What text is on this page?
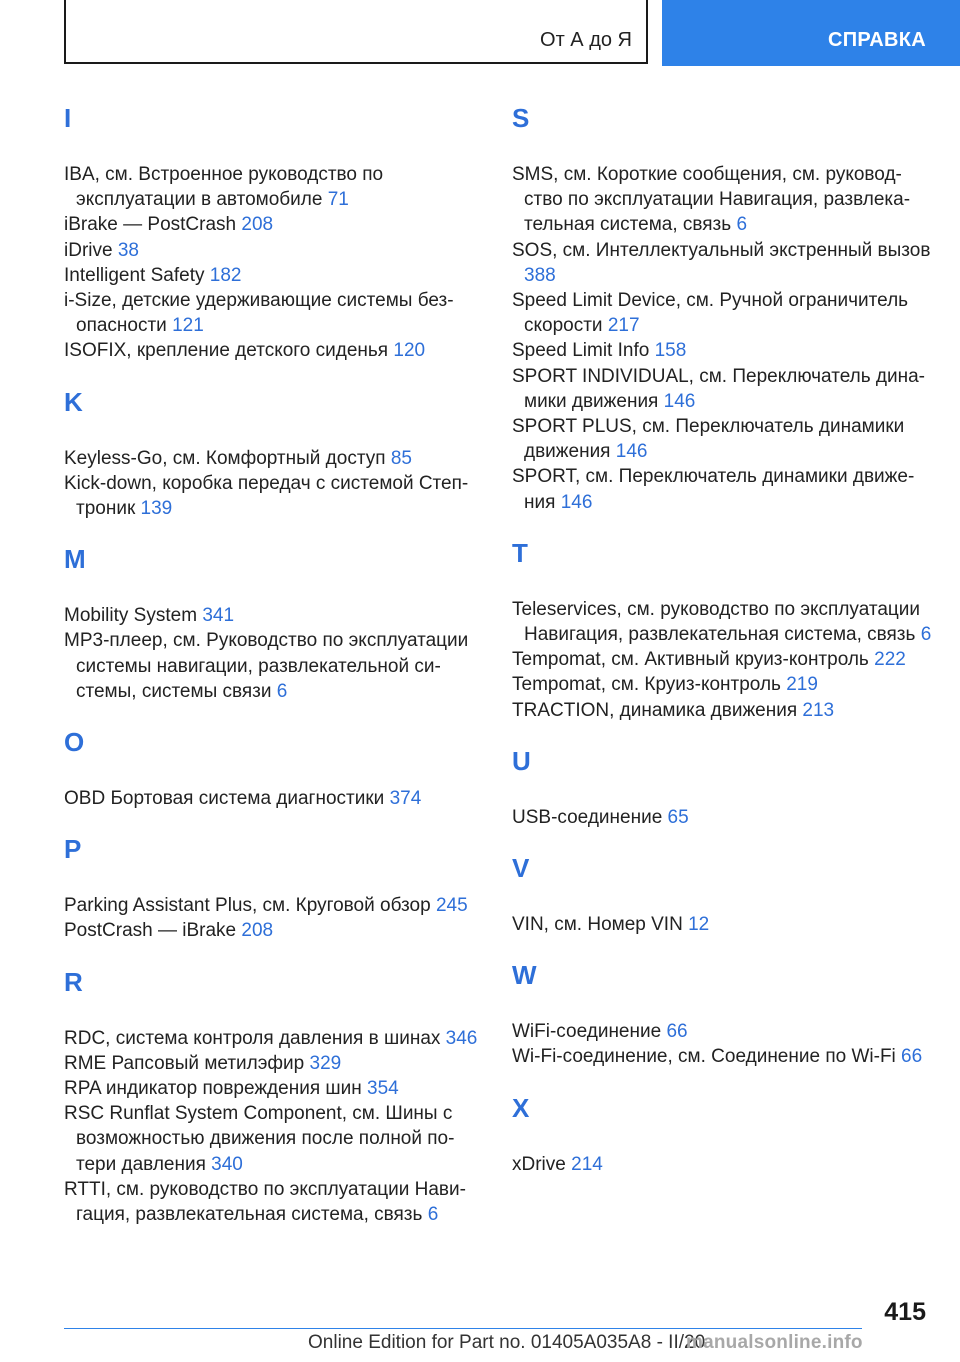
От А до Я	СПРАВКА
I
IBA, см. Встроенное руководство по эксплуатации в автомобиле 71
iBrake — PostCrash 208
iDrive 38
Intelligent Safety 182
i-Size, детские удерживающие системы безопасности 121
ISOFIX, крепление детского сиденья 120
K
Keyless-Go, см. Комфортный доступ 85
Kick-down, коробка передач с системой Стептроник 139
M
Mobility System 341
MP3-плеер, см. Руководство по эксплуатации системы навигации, развлекательной системы, системы связи 6
O
OBD Бортовая система диагностики 374
P
Parking Assistant Plus, см. Круговой обзор 245
PostCrash — iBrake 208
R
RDC, система контроля давления в шинах 346
RME Рапсовый метилэфир 329
RPA индикатор повреждения шин 354
RSC Runflat System Component, см. Шины с возможностью движения после полной потери давления 340
RTTI, см. руководство по эксплуатации Навигация, развлекательная система, связь 6
S
SMS, см. Короткие сообщения, см. руководство по эксплуатации Навигация, развлекательная система, связь 6
SOS, см. Интеллектуальный экстренный вызов 388
Speed Limit Device, см. Ручной ограничитель скорости 217
Speed Limit Info 158
SPORT INDIVIDUAL, см. Переключатель динамики движения 146
SPORT PLUS, см. Переключатель динамики движения 146
SPORT, см. Переключатель динамики движения 146
T
Teleservices, см. руководство по эксплуатации Навигация, развлекательная система, связь 6
Tempomat, см. Активный круиз-контроль 222
Tempomat, см. Круиз-контроль 219
TRACTION, динамика движения 213
U
USB-соединение 65
V
VIN, см. Номер VIN 12
W
WiFi-соединение 66
Wi-Fi-соединение, см. Соединение по Wi-Fi 66
X
xDrive 214
415
Online Edition for Part no. 01405A035A8 - II/20
manualsonline.info
